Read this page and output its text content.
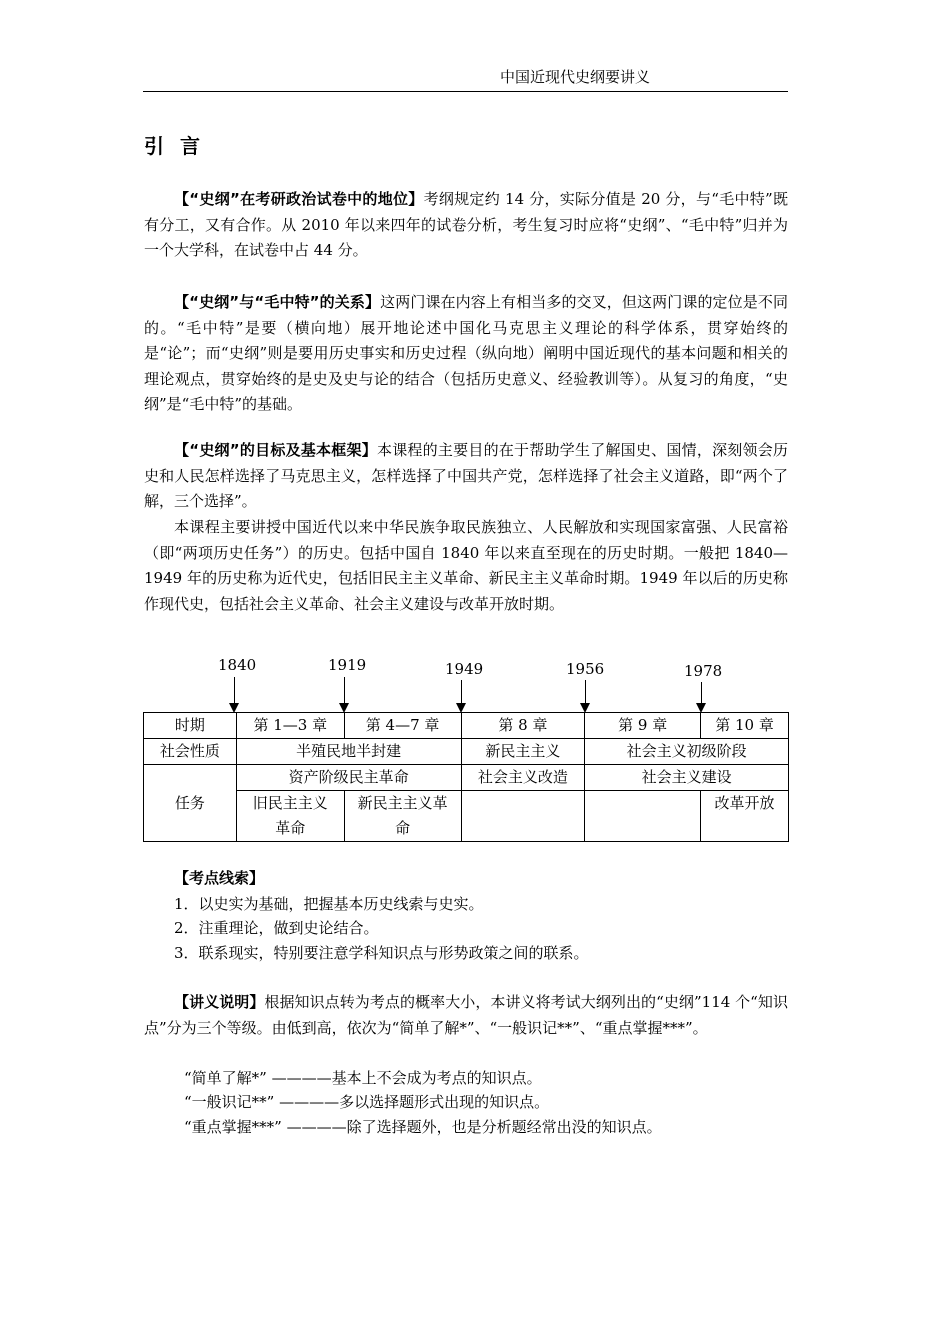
中国近现代史纲要讲义
引言
【“史纲”在考研政治试卷中的地位】考纲规定约 14 分，实际分值是 20 分，与“毛中特”既有分工，又有合作。从 2010 年以来四年的试卷分析，考生复习时应将“史纲”、“毛中特”归并为一个大学科，在试卷中占 44 分。
【“史纲”与“毛中特”的关系】这两门课在内容上有相当多的交叉，但这两门课的定位是不同的。“毛中特”是要（横向地）展开地论述中国化马克思主义理论的科学体系，贯穿始终的是“论”；而“史纲”则是要用历史事实和历史过程（纵向地）阐明中国近现代的基本问题和相关的理论观点，贯穿始终的是史及史与论的结合（包括历史意义、经验教训等）。从复习的角度，“史纲”是“毛中特”的基础。
【“史纲”的目标及基本框架】本课程的主要目的在于帮助学生了解国史、国情，深刻领会历史和人民怎样选择了马克思主义，怎样选择了中国共产党，怎样选择了社会主义道路，即“两个了解，三个选择”。
本课程主要讲授中国近代以来中华民族争取民族独立、人民解放和实现国家富强、人民富裕（即“两项历史任务”）的历史。包括中国自 1840 年以来直至现在的历史时期。一般把 1840—1949 年的历史称为近代史，包括旧民主主义革命、新民主主义革命时期。1949 年以后的历史称作现代史，包括社会主义革命、社会主义建设与改革开放时期。
1840	1919	1949	1956	1978
时期	第 1—3 章	第 4—7 章	第 8 章	第 9 章	第 10 章
社会性质	半殖民地半封建		新民主主义	社会主义初级阶段	
任务	资产阶级民主革命		社会主义改造	社会主义建设	
	旧民主主义革命	新民主主义革命			改革开放
【考点线索】
1．以史实为基础，把握基本历史线索与史实。
2．注重理论，做到史论结合。
3．联系现实，特别要注意学科知识点与形势政策之间的联系。
【讲义说明】根据知识点转为考点的概率大小，本讲义将考试大纲列出的“史纲”114 个“知识点”分为三个等级。由低到高，依次为“简单了解*”、“一般识记**”、“重点掌握***”。
“简单了解*” ————基本上不会成为考点的知识点。
“一般识记**” ————多以选择题形式出现的知识点。
“重点掌握***” ————除了选择题外，也是分析题经常出没的知识点。
